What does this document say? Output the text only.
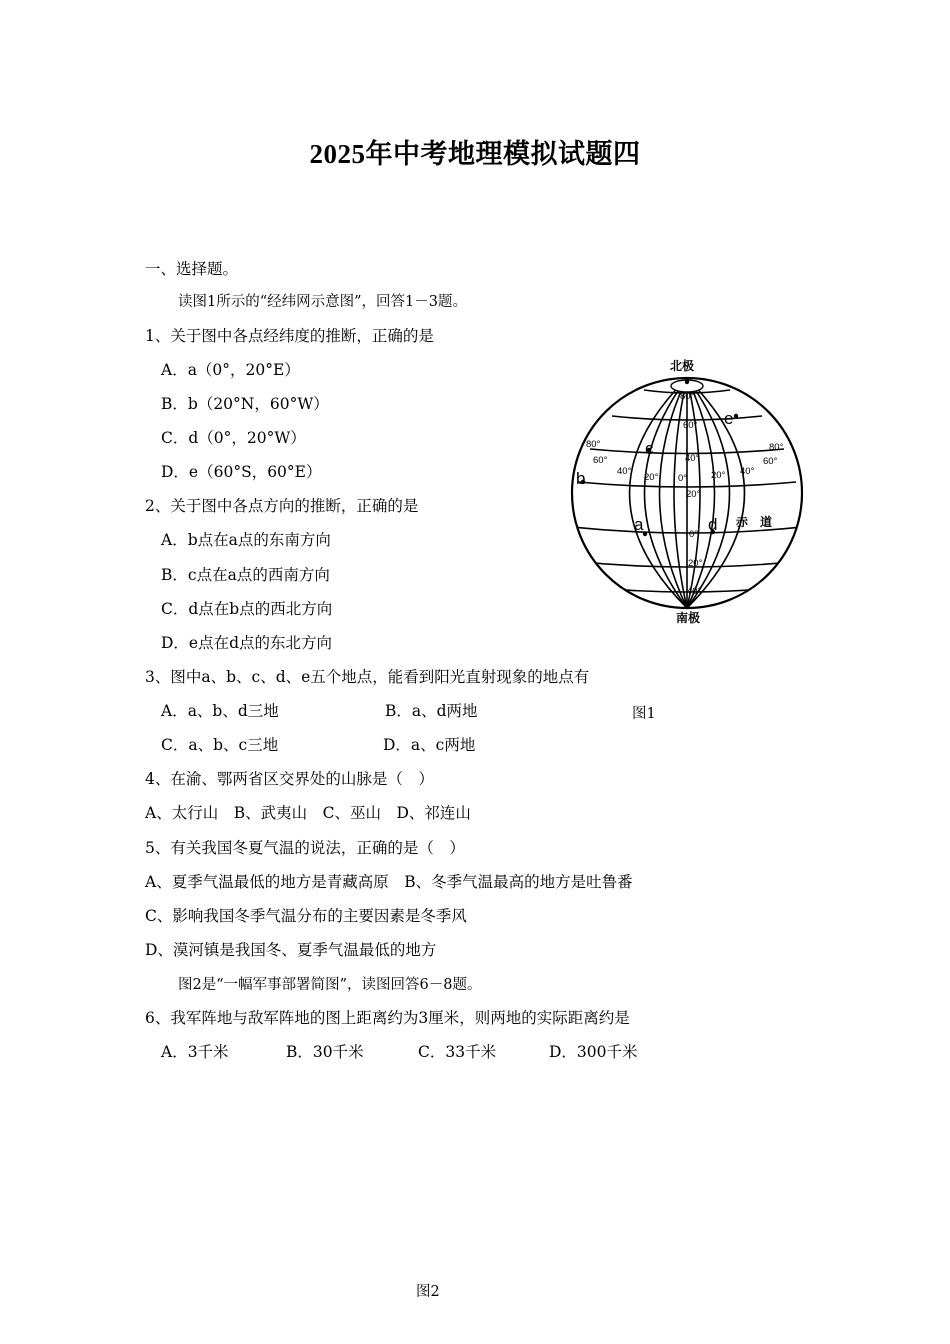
2025年中考地理模拟试题四
一、选择题。
读图1所示的“经纬网示意图”，回答1－3题。
1、关于图中各点经纬度的推断，正确的是
A．a（0°，20°E）
B．b（20°N，60°W）
C．d（0°，20°W）
D．e（60°S，60°E）
2、关于图中各点方向的推断，正确的是
A．b点在a点的东南方向
B．c点在a点的西南方向
C．d点在b点的西北方向
D．e点在d点的东北方向
3、图中a、b、c、d、e五个地点，能看到阳光直射现象的地点有
A．a、b、d三地	B．a、d两地	图1
C．a、b、c三地	D．a、c两地
4、在渝、鄂两省区交界处的山脉是（　）
A、太行山　B、武夷山　C、巫山　D、祁连山
5、有关我国冬夏气温的说法，正确的是（　）
A、夏季气温最低的地方是青藏高原　B、冬季气温最高的地方是吐鲁番
C、影响我国冬季气温分布的主要因素是冬季风
D、漠河镇是我国冬、夏季气温最低的地方
图2是“一幅军事部署简图”，读图回答6－8题。
6、我军阵地与敌军阵地的图上距离约为3厘米，则两地的实际距离约是
A．3千米	B．30千米	C．33千米	D．300千米
图2
北极
南极
赤　道
a
b
c
d
e
80°
60°
40°
20°
0°
20°
40°
80°
60°
40°
20° 0°	20° 40°
60°
80°
